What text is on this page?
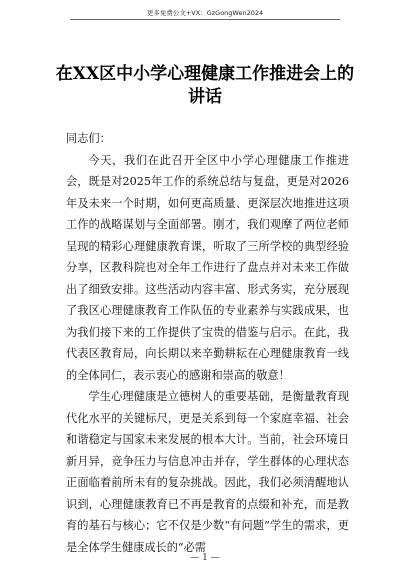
更多免费公文+VX：GzGongWen2024
在XX区中小学心理健康工作推进会上的讲话

同志们：

今天，我们在此召开全区中小学心理健康工作推进会，既是对2025年工作的系统总结与复盘，更是对2026年及未来一个时期，如何更高质量、更深层次地推进这项工作的战略谋划与全面部署。刚才，我们观摩了两位老师呈现的精彩心理健康教育课，听取了三所学校的典型经验分享，区教科院也对全年工作进行了盘点并对未来工作做出了细致安排。这些活动内容丰富、形式务实，充分展现了我区心理健康教育工作队伍的专业素养与实践成果，也为我们接下来的工作提供了宝贵的借鉴与启示。在此，我代表区教育局，向长期以来辛勤耕耘在心理健康教育一线的全体同仁，表示衷心的感谢和崇高的敬意！

学生心理健康是立德树人的重要基础，是衡量教育现代化水平的关键标尺，更是关系到每一个家庭幸福、社会和谐稳定与国家未来发展的根本大计。当前，社会环境日新月异，竞争压力与信息冲击并存，学生群体的心理状态正面临着前所未有的复杂挑战。因此，我们必须清醒地认识到，心理健康教育已不再是教育的点缀和补充，而是教育的基石与核心；它不仅是少数“有问题”学生的需求，更是全体学生健康成长的“必需

— 1 —
